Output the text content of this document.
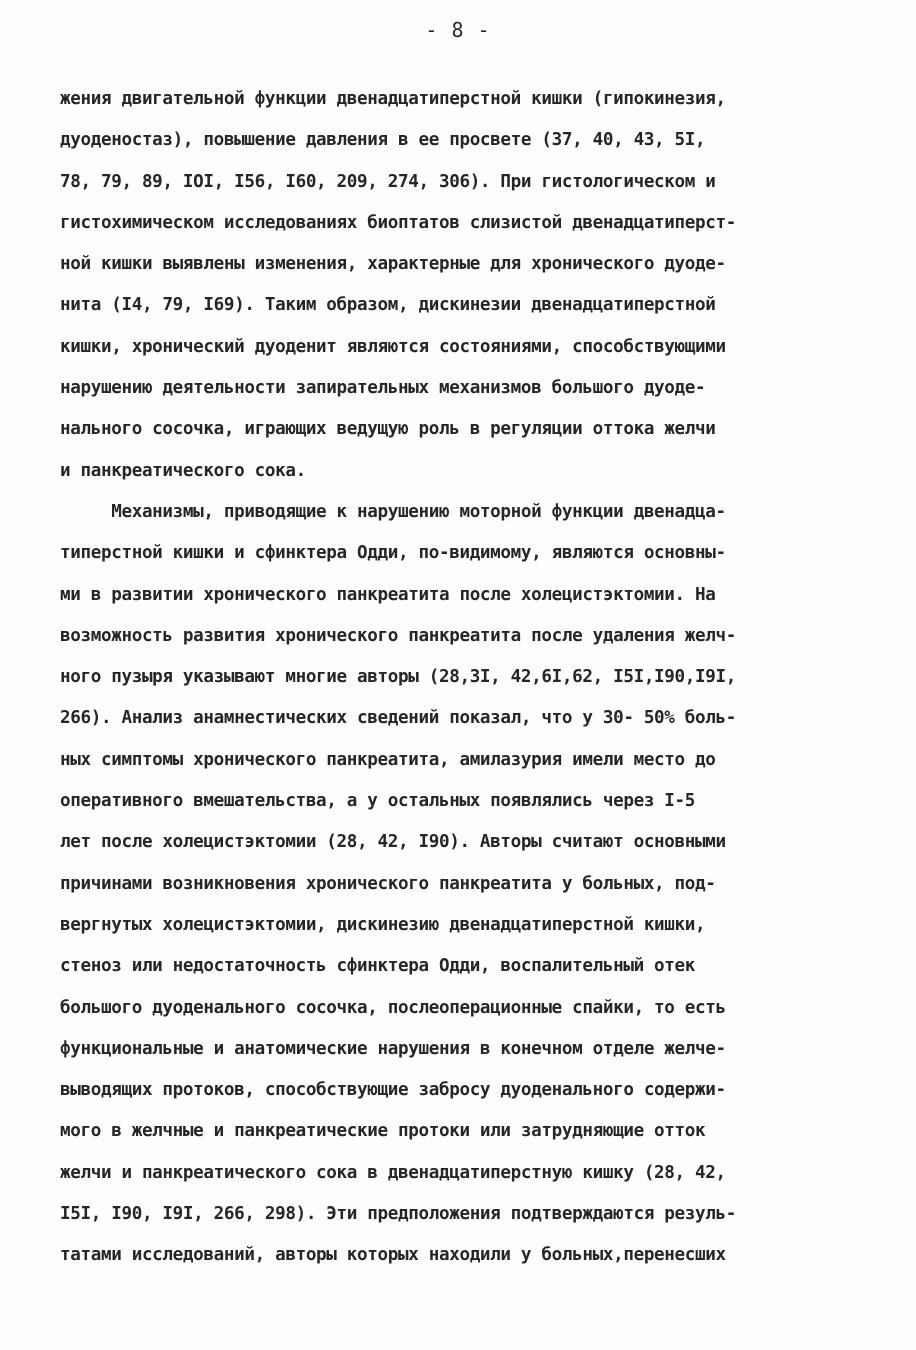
- 8 -
жения двигательной функции двенадцатиперстной кишки (гипокинезия,
дуоденостаз), повышение давления в ее просвете (37, 40, 43, 5I,
78, 79, 89, IOI, I56, I60, 209, 274, 306). При гистологическом и
гистохимическом исследованиях биоптатов слизистой двенадцатиперст-
ной кишки выявлены изменения, характерные для хронического дуоде-
нита (I4, 79, I69). Таким образом, дискинезии двенадцатиперстной
кишки, хронический дуоденит являются состояниями, способствующими
нарушению деятельности запирательных механизмов большого дуоде-
нального сосочка, играющих ведущую роль в регуляции оттока желчи
и панкреатического сока.
Механизмы, приводящие к нарушению моторной функции двенадца-
типерстной кишки и сфинктера Одди, по-видимому, являются основны-
ми в развитии хронического панкреатита после холецистэктомии. На
возможность развития хронического панкреатита после удаления желч-
ного пузыря указывают многие авторы (28,3I, 42,6I,62, I5I,I90,I9I,
266). Анализ анамнестических сведений показал, что у 30- 50% боль-
ных симптомы хронического панкреатита, амилазурия имели место до
оперативного вмешательства, а у остальных появлялись через I-5
лет после холецистэктомии (28, 42, I90). Авторы считают основными
причинами возникновения хронического панкреатита у больных, под-
вергнутых холецистэктомии, дискинезию двенадцатиперстной кишки,
стеноз или недостаточность сфинктера Одди, воспалительный отек
большого дуоденального сосочка, послеоперационные спайки, то есть
функциональные и анатомические нарушения в конечном отделе желче-
выводящих протоков, способствующие забросу дуоденального содержи-
мого в желчные и панкреатические протоки или затрудняющие отток
желчи и панкреатического сока в двенадцатиперстную кишку (28, 42,
I5I, I90, I9I, 266, 298). Эти предположения подтверждаются резуль-
татами исследований, авторы которых находили у больных,перенесших
